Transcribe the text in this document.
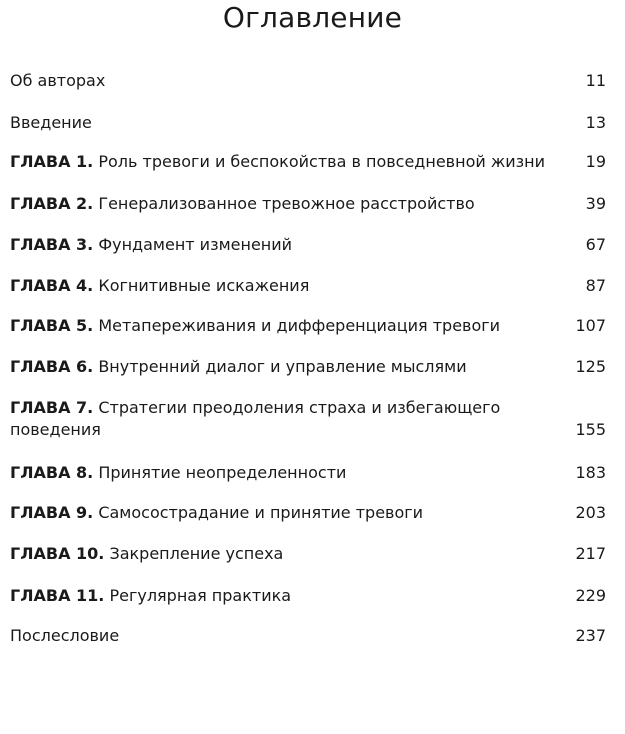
Оглавление
Об авторах	11
Введение	13
ГЛАВА 1. Роль тревоги и беспокойства в повседневной жизни	19
ГЛАВА 2. Генерализованное тревожное расстройство	39
ГЛАВА 3. Фундамент изменений	67
ГЛАВА 4. Когнитивные искажения	87
ГЛАВА 5. Метапереживания и дифференциация тревоги	107
ГЛАВА 6. Внутренний диалог и управление мыслями	125
ГЛАВА 7. Стратегии преодоления страха и избегающего поведения	155
ГЛАВА 8. Принятие неопределенности	183
ГЛАВА 9. Самосострадание и принятие тревоги	203
ГЛАВА 10. Закрепление успеха	217
ГЛАВА 11. Регулярная практика	229
Послесловие	237
